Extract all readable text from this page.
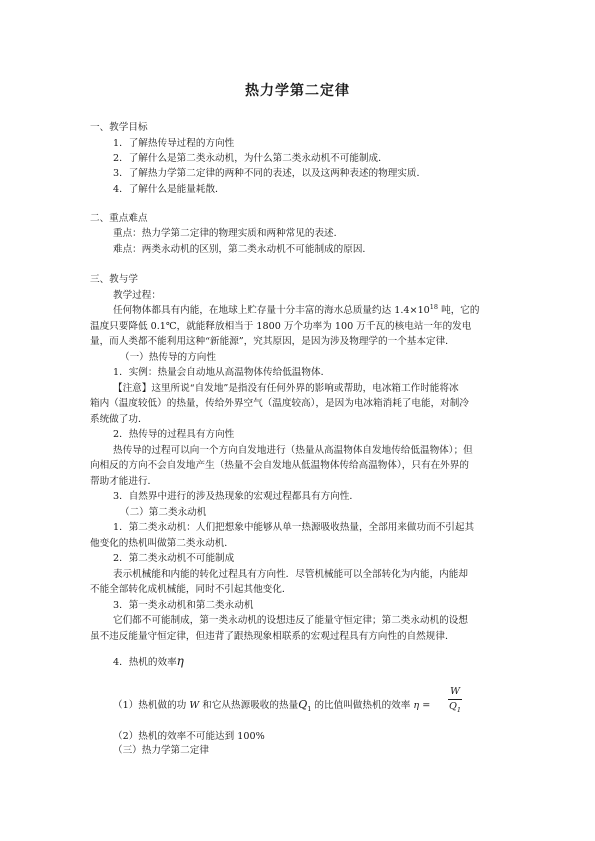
热力学第二定律
一、教学目标
1．了解热传导过程的方向性
2．了解什么是第二类永动机，为什么第二类永动机不可能制成．
3．了解热力学第二定律的两种不同的表述，以及这两种表述的物理实质．
4．了解什么是能量耗散．
二、重点难点
重点：热力学第二定律的物理实质和两种常见的表述．
难点：两类永动机的区别，第二类永动机不可能制成的原因．
三、教与学
教学过程：
任何物体都具有内能，在地球上贮存量十分丰富的海水总质量约达 $1.4\times 10^{18}$ 吨，它的
温度只要降低 0.1℃，就能释放相当于 1800 万个功率为 100 万千瓦的核电站一年的发电
量，而人类都不能利用这种“新能源”，究其原因，是因为涉及物理学的一个基本定律．
（一）热传导的方向性
1．实例：热量会自动地从高温物体传给低温物体．
【注意】这里所说“自发地”是指没有任何外界的影响或帮助，电冰箱工作时能将冰
箱内（温度较低）的热量，传给外界空气（温度较高），是因为电冰箱消耗了电能，对制冷
系统做了功．
2．热传导的过程具有方向性
热传导的过程可以向一个方向自发地进行（热量从高温物体自发地传给低温物体）；但
向相反的方向不会自发地产生（热量不会自发地从低温物体传给高温物体），只有在外界的
帮助才能进行．
3．自然界中进行的涉及热现象的宏观过程都具有方向性．
（二）第二类永动机
1．第二类永动机：人们把想象中能够从单一热源吸收热量，全部用来做功而不引起其
他变化的热机叫做第二类永动机．
2．第二类永动机不可能制成
表示机械能和内能的转化过程具有方向性．尽管机械能可以全部转化为内能，内能却
不能全部转化成机械能，同时不引起其他变化．
3．第一类永动机和第二类永动机
它们都不可能制成，第一类永动机的设想违反了能量守恒定律；第二类永动机的设想
虽不违反能量守恒定律，但违背了跟热现象相联系的宏观过程具有方向性的自然规律．
4．热机的效率η
（1）热机做的功 W 和它从热源吸收的热量$Q_1$ 的比值叫做热机的效率 η =
W
$Q_1$
（2）热机的效率不可能达到 100%
（三）热力学第二定律
